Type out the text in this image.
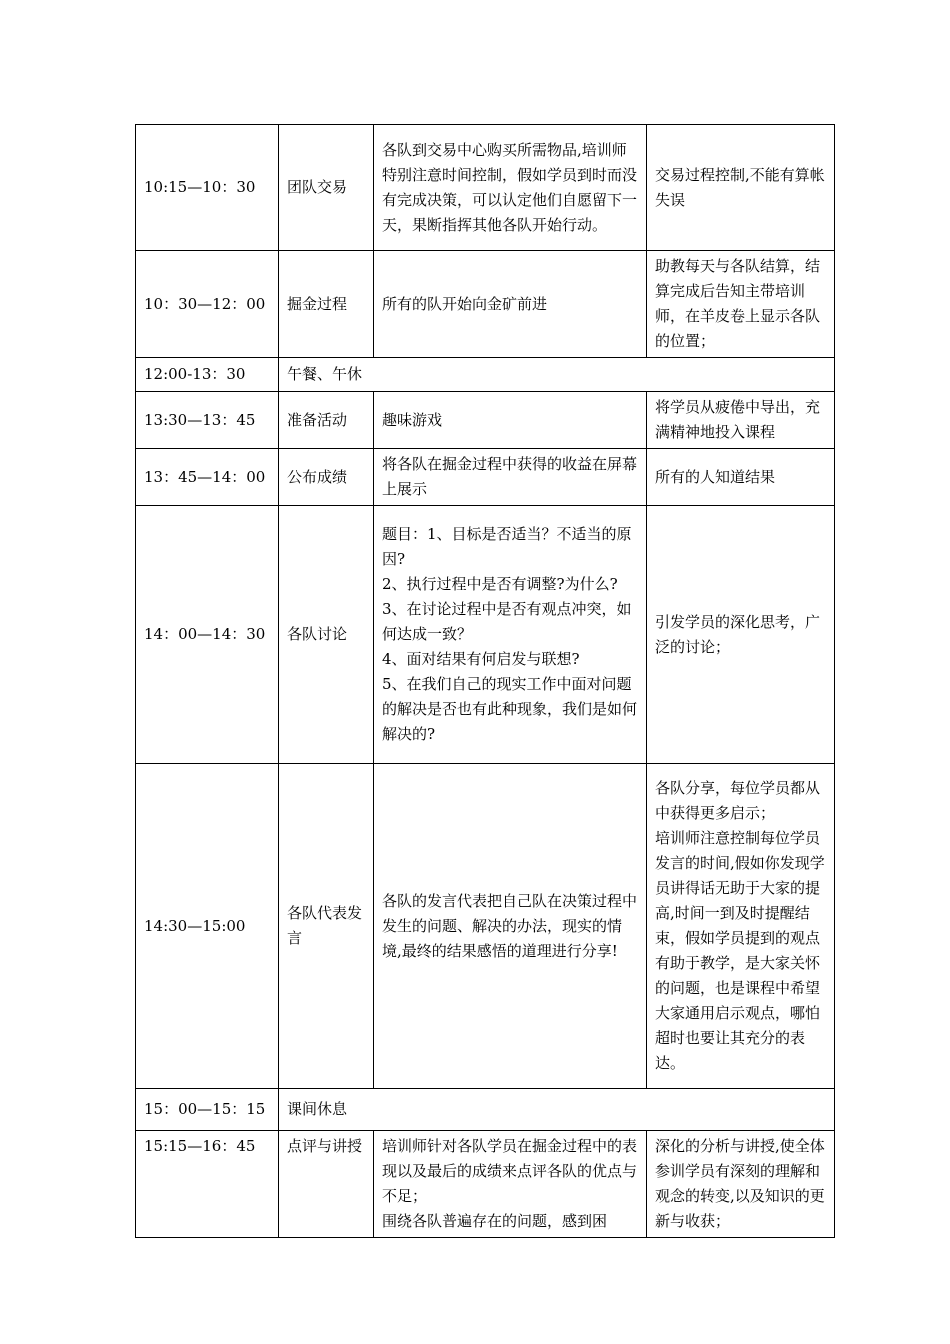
10:15—10：30	团队交易	各队到交易中心购买所需物品,培训师特别注意时间控制，假如学员到时而没有完成决策，可以认定他们自愿留下一天，果断指挥其他各队开始行动。	交易过程控制,不能有算帐失误

10：30—12：00	掘金过程	所有的队开始向金矿前进	助教每天与各队结算，结算完成后告知主带培训师，在羊皮卷上显示各队的位置；

12:00-13：30	午餐、午休		
13:30—13：45	准备活动	趣味游戏	将学员从疲倦中导出，充满精神地投入课程

13：45—14：00	公布成绩	将各队在掘金过程中获得的收益在屏幕上展示	所有的人知道结果

14：00—14：30	各队讨论	题目：1、目标是否适当？不适当的原因?

2、执行过程中是否有调整?为什么?

3、在讨论过程中是否有观点冲突，如何达成一致？

4、面对结果有何启发与联想?

5、在我们自己的现实工作中面对问题的解决是否也有此种现象，我们是如何解决的?	引发学员的深化思考，广泛的讨论；

14:30—15:00	各队代表发言	各队的发言代表把自己队在决策过程中发生的问题、解决的办法，现实的情境,最终的结果感悟的道理进行分享!	各队分享，每位学员都从中获得更多启示；

培训师注意控制每位学员发言的时间,假如你发现学员讲得话无助于大家的提高,时间一到及时提醒结束，假如学员提到的观点有助于教学，是大家关怀的问题，也是课程中希望大家通用启示观点，哪怕超时也要让其充分的表达。

15：00—15：15	课间休息		
15:15—16：45	点评与讲授	培训师针对各队学员在掘金过程中的表现以及最后的成绩来点评各队的优点与不足；

围绕各队普遍存在的问题，感到困	深化的分析与讲授,使全体参训学员有深刻的理解和观念的转变,以及知识的更新与收获；
